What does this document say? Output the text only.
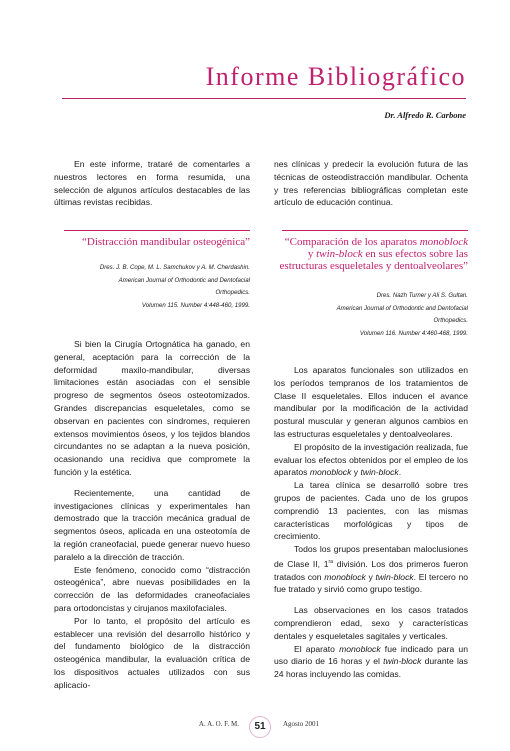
Informe Bibliográfico
Dr. Alfredo R. Carbone

En este informe, trataré de comentarles a nuestros lectores en forma resumida, una selección de algunos artículos destacables de las últimas revistas recibidas.

nes clínicas y predecir la evolución futura de las técnicas de osteodistracción mandibular. Ochenta y tres referencias bibliográficas completan este artículo de educación continua.

“Distracción mandibular osteogénica”
Dres. J. B. Cope, M. L. Samchukov y A. M. Cherdashin.
American Journal of Orthodontic and Dentofacial
Orthopedics.
Volumen 115. Number 4:448-460, 1999.

Si bien la Cirugía Ortognática ha ganado, en general, aceptación para la corrección de la deformidad maxilo-mandibular, diversas limitaciones están asociadas con el sensible progreso de segmentos óseos osteotomizados. Grandes discrepancias esqueletales, como se observan en pacientes con síndromes, requieren extensos movimientos óseos, y los tejidos blandos circundantes no se adaptan a la nueva posición, ocasionando una recidiva que compromete la función y la estética.

Recientemente, una cantidad de investigaciones clínicas y experimentales han demostrado que la tracción mecánica gradual de segmentos óseos, aplicada en una osteotomía de la región craneofacial, puede generar nuevo hueso paralelo a la dirección de tracción.

Este fenómeno, conocido como “distracción osteogénica”, abre nuevas posibilidades en la corrección de las deformidades craneofaciales para ortodoncistas y cirujanos maxilofaciales.

Por lo tanto, el propósito del artículo es establecer una revisión del desarrollo histórico y del fundamento biológico de la distracción osteogénica mandibular, la evaluación crítica de los dispositivos actuales utilizados con sus aplicacio-

“Comparación de los aparatos monoblock
y twin-block en sus efectos sobre las
estructuras esqueletales y dentoalveolares”
Dres. Nazh Turner y Ali S. Gultan.
American Journal of Orthodontic and Dentofacial
Orthopedics.
Volumen 116. Number 4:460-468, 1999.

Los aparatos funcionales son utilizados en los períodos tempranos de los tratamientos de Clase II esqueletales. Ellos inducen el avance mandibular por la modificación de la actividad postural muscular y generan algunos cambios en las estructuras esqueletales y dentoalveolares.

El propósito de la investigación realizada, fue evaluar los efectos obtenidos por el empleo de los aparatos monoblock y twin-block.

La tarea clínica se desarrolló sobre tres grupos de pacientes. Cada uno de los grupos comprendió 13 pacientes, con las mismas características morfológicas y tipos de crecimiento.

Todos los grupos presentaban maloclusiones de Clase II, $1^{ra}$ división. Los dos primeros fueron tratados con monoblock y twin-block. El tercero no fue tratado y sirvió como grupo testigo.

Las observaciones en los casos tratados comprendieron edad, sexo y características dentales y esqueletales sagitales y verticales.

El aparato monoblock fue indicado para un uso diario de 16 horas y el twin-block durante las 24 horas incluyendo las comidas.

A. A. O. F. M.	51	Agosto 2001
